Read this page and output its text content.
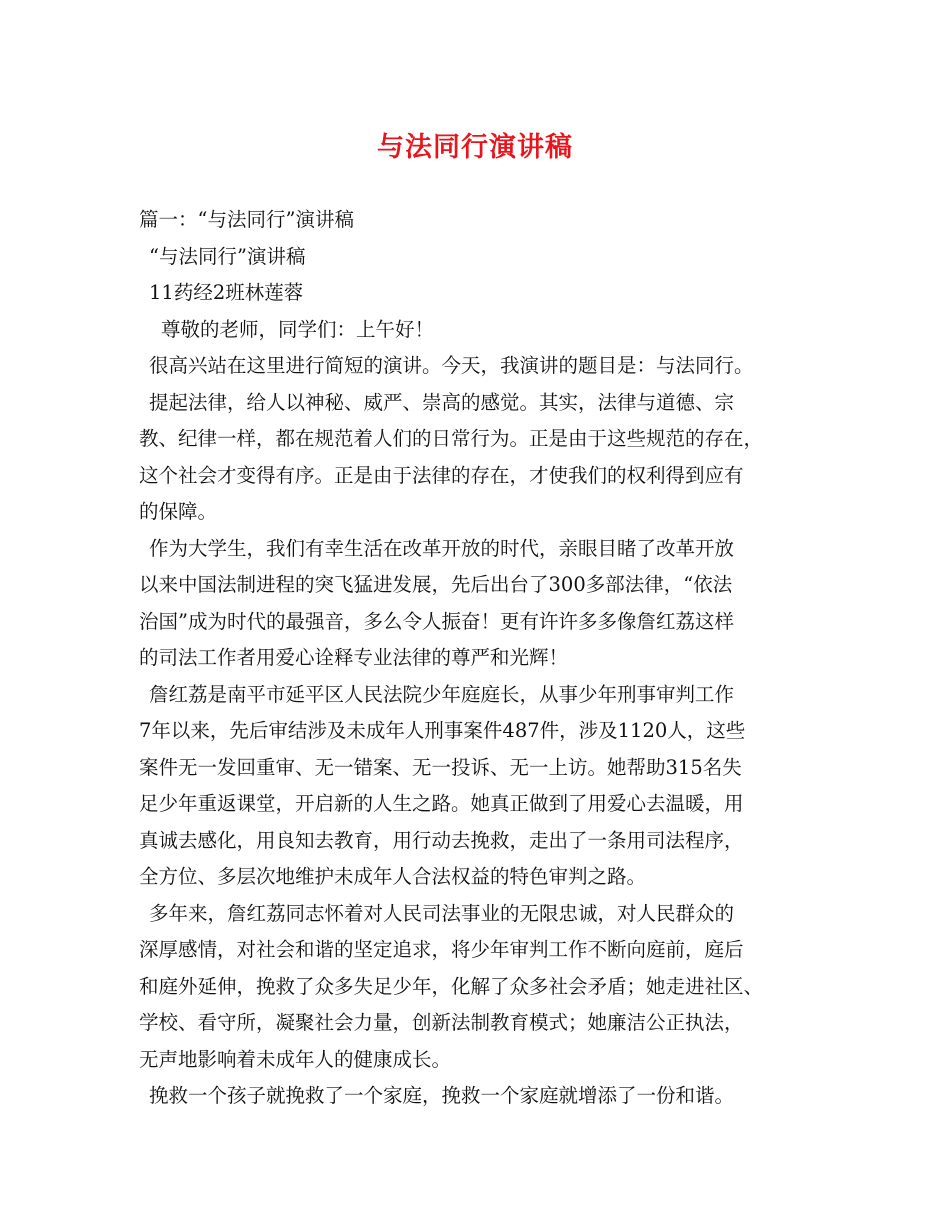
与法同行演讲稿
篇一：“与法同行”演讲稿
“与法同行”演讲稿
11药经2班林莲蓉
尊敬的老师，同学们：上午好！
很高兴站在这里进行简短的演讲。今天，我演讲的题目是：与法同行。
提起法律，给人以神秘、威严、崇高的感觉。其实，法律与道德、宗
教、纪律一样，都在规范着人们的日常行为。正是由于这些规范的存在，
这个社会才变得有序。正是由于法律的存在，才使我们的权利得到应有
的保障。
作为大学生，我们有幸生活在改革开放的时代，亲眼目睹了改革开放
以来中国法制进程的突飞猛进发展，先后出台了300多部法律，“依法
治国”成为时代的最强音，多么令人振奋！更有许许多多像詹红荔这样
的司法工作者用爱心诠释专业法律的尊严和光辉！
詹红荔是南平市延平区人民法院少年庭庭长，从事少年刑事审判工作
7年以来，先后审结涉及未成年人刑事案件487件，涉及1120人，这些
案件无一发回重审、无一错案、无一投诉、无一上访。她帮助315名失
足少年重返课堂，开启新的人生之路。她真正做到了用爱心去温暖，用
真诚去感化，用良知去教育，用行动去挽救，走出了一条用司法程序，
全方位、多层次地维护未成年人合法权益的特色审判之路。
多年来，詹红荔同志怀着对人民司法事业的无限忠诚，对人民群众的
深厚感情，对社会和谐的坚定追求，将少年审判工作不断向庭前，庭后
和庭外延伸，挽救了众多失足少年，化解了众多社会矛盾；她走进社区、
学校、看守所，凝聚社会力量，创新法制教育模式；她廉洁公正执法，
无声地影响着未成年人的健康成长。
挽救一个孩子就挽救了一个家庭，挽救一个家庭就增添了一份和谐。
